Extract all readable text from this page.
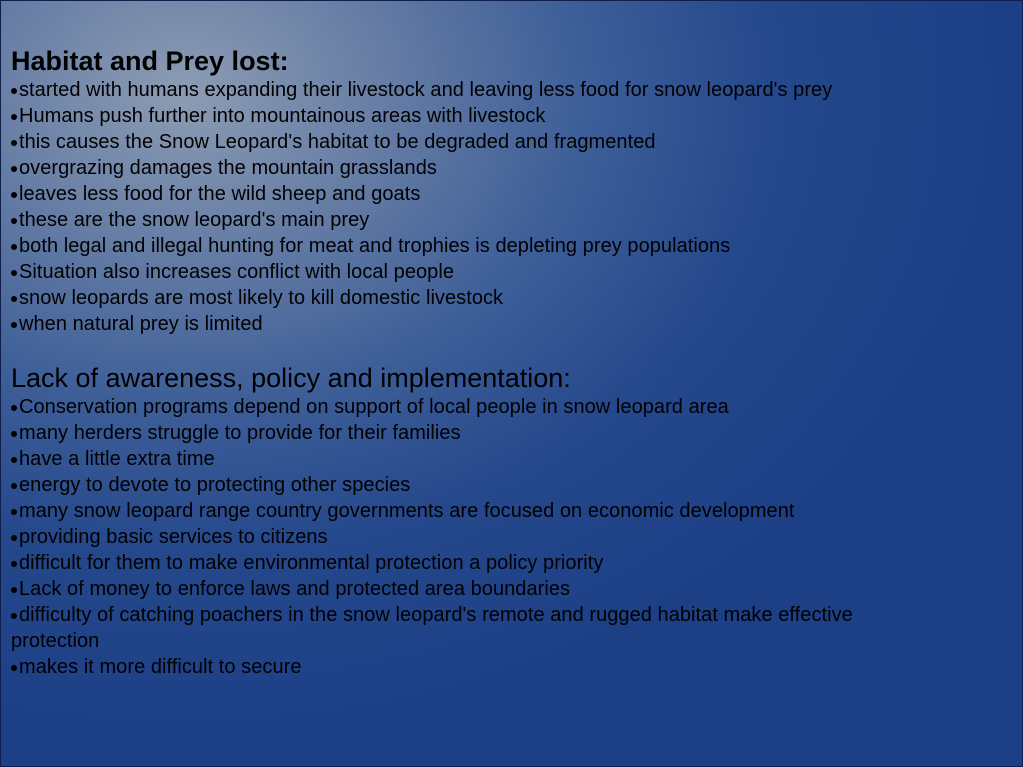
Habitat and Prey lost:
started with humans expanding their livestock and leaving less food for snow leopard's prey
Humans push further into mountainous areas with livestock
this causes the Snow Leopard's habitat to be degraded and fragmented
overgrazing damages the mountain grasslands
leaves less food for the wild sheep and goats
these are the snow leopard's main prey
both legal and illegal hunting for meat and trophies is depleting prey populations
Situation also increases conflict with local people
snow leopards are most likely to kill domestic livestock
when natural prey is limited
Lack of awareness, policy and implementation:
Conservation programs depend on support of local people in snow leopard area
many herders struggle to provide for their families
have a little extra time
energy to devote to protecting other species
many snow leopard range country governments are focused on economic development
providing basic services to citizens
difficult for them to make environmental protection a policy priority
Lack of money to enforce laws and protected area boundaries
difficulty of catching poachers in the snow leopard's remote and rugged habitat make effective protection
makes it more difficult to secure
